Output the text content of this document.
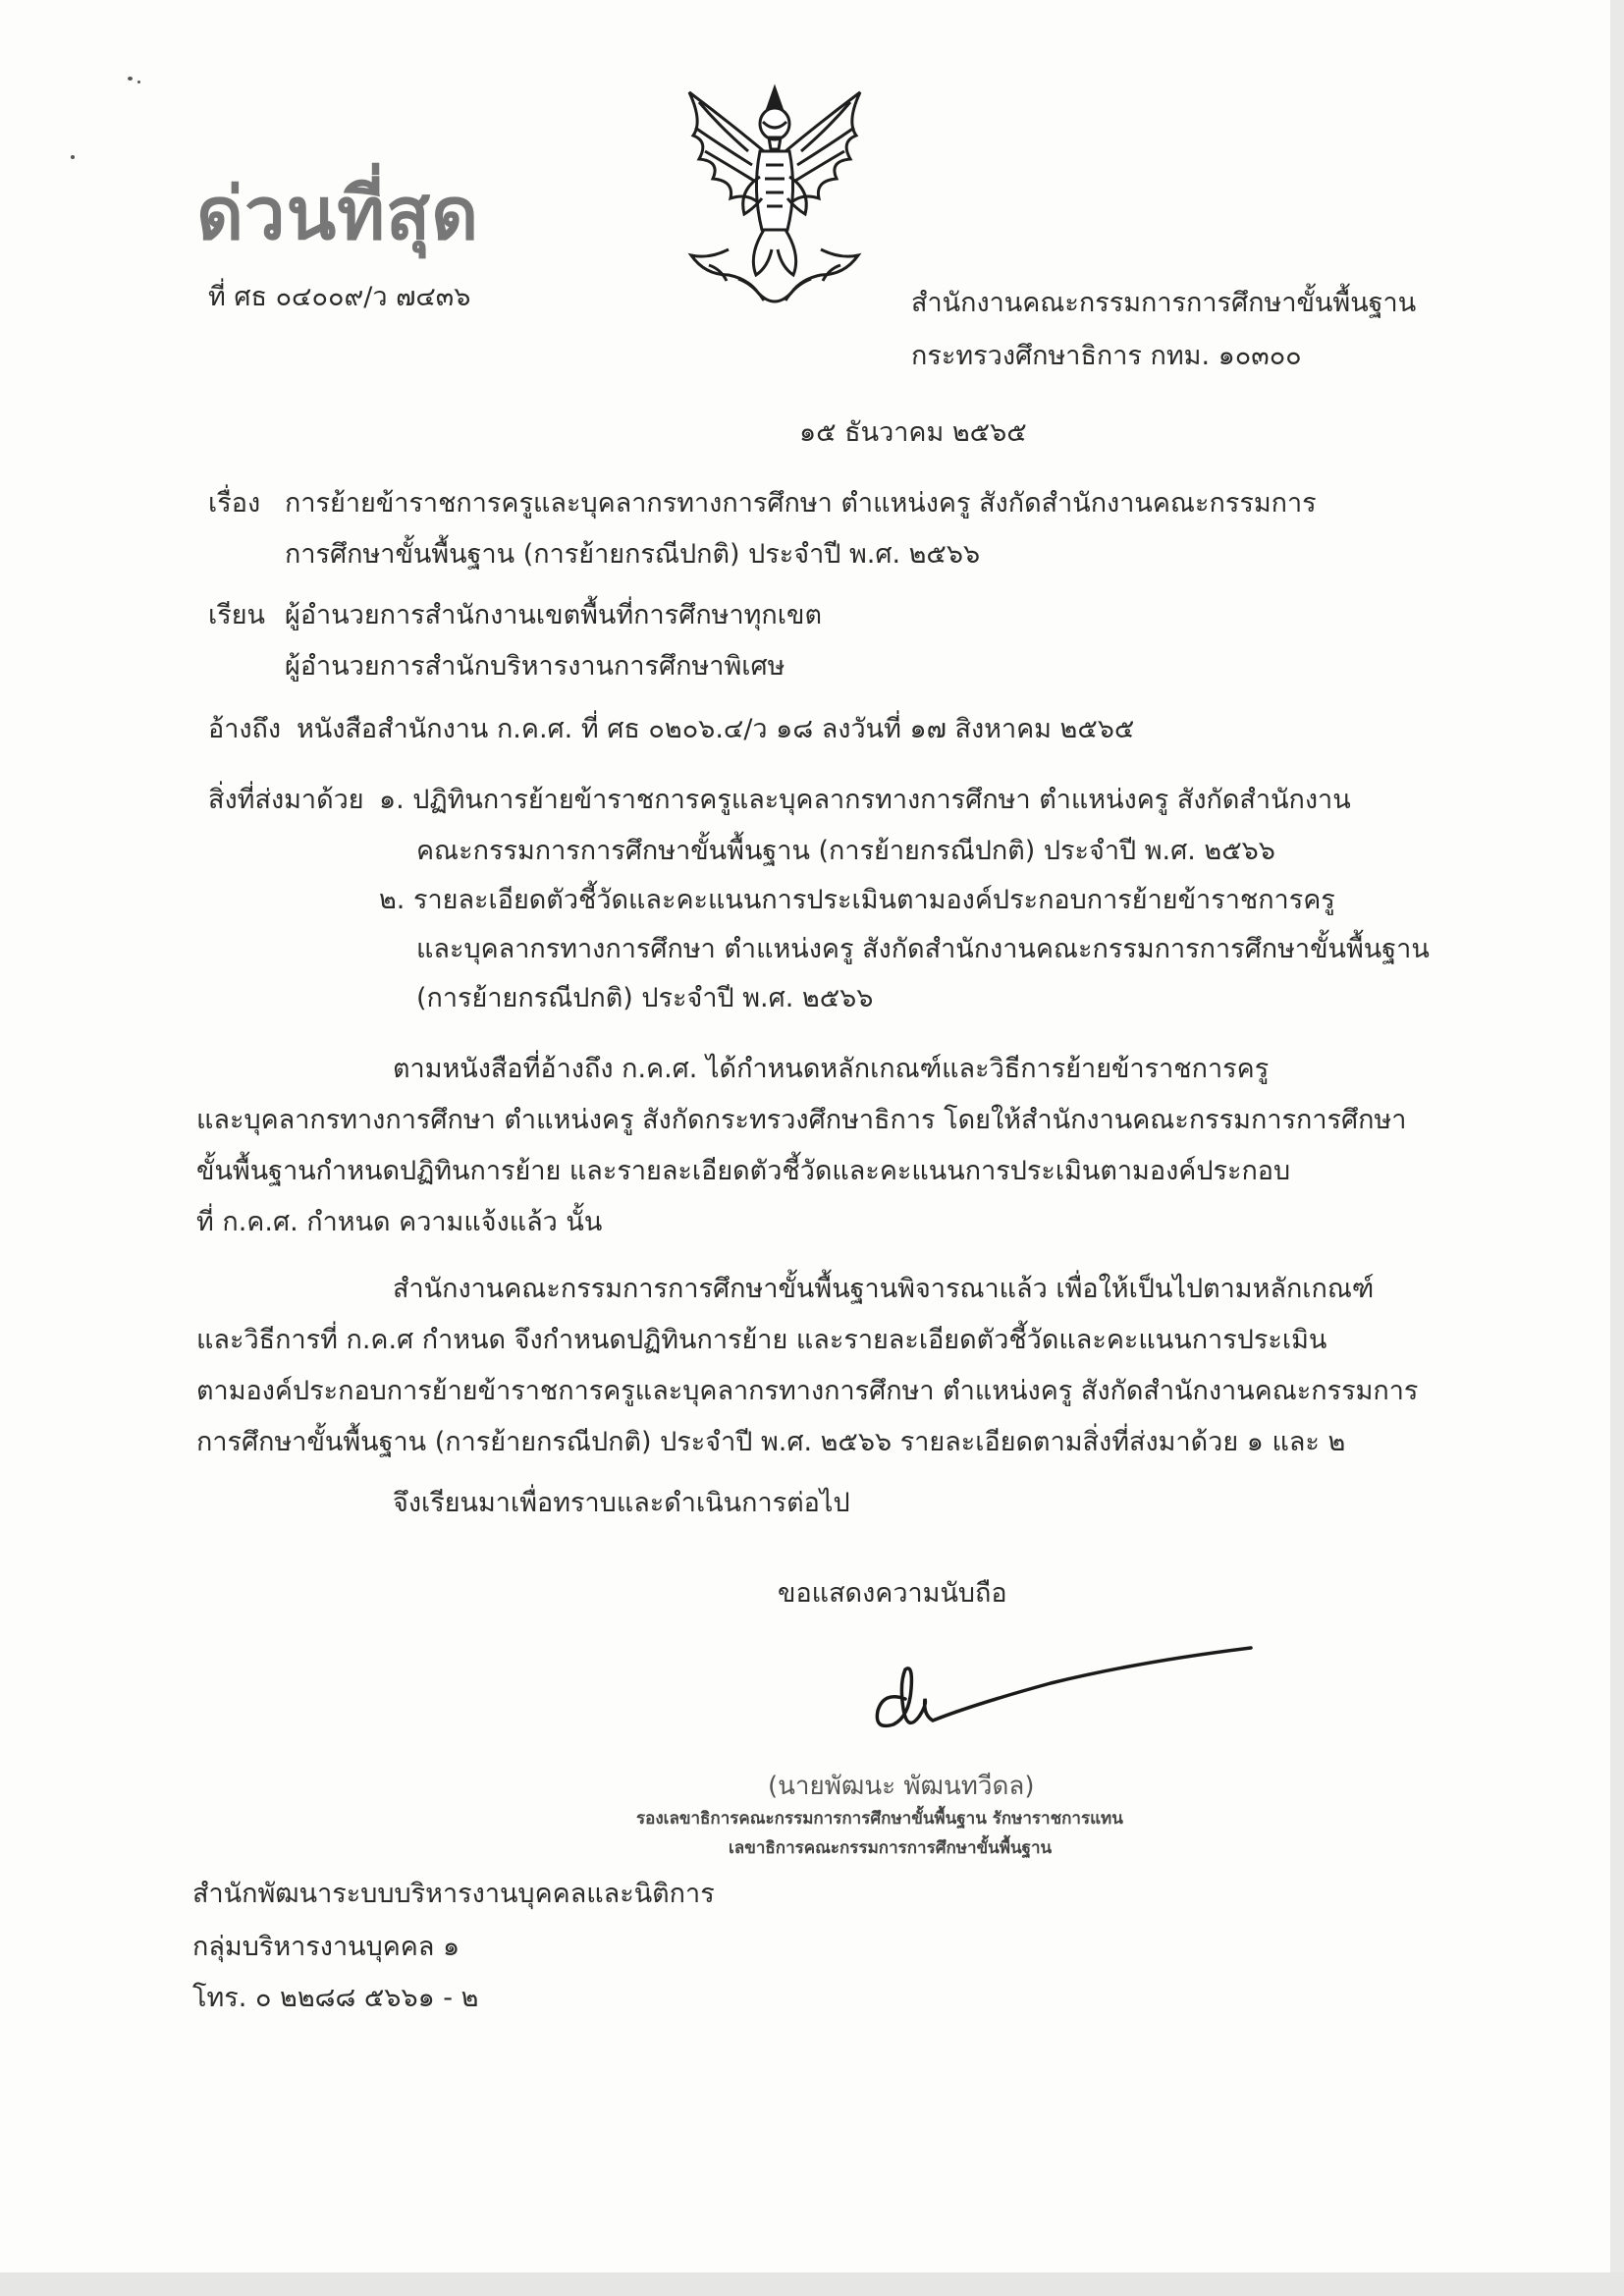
ด่วนที่สุด
ที่ ศธ ๐๔๐๐๙/ว ๗๔๓๖	สำนักงานคณะกรรมการการศึกษาขั้นพื้นฐาน
กระทรวงศึกษาธิการ กทม. ๑๐๓๐๐
๑๕ ธันวาคม ๒๕๖๕
เรื่อง การย้ายข้าราชการครูและบุคลากรทางการศึกษา ตำแหน่งครู สังกัดสำนักงานคณะกรรมการ
การศึกษาขั้นพื้นฐาน (การย้ายกรณีปกติ) ประจำปี พ.ศ. ๒๕๖๖
เรียน ผู้อำนวยการสำนักงานเขตพื้นที่การศึกษาทุกเขต
ผู้อำนวยการสำนักบริหารงานการศึกษาพิเศษ
อ้างถึง หนังสือสำนักงาน ก.ค.ศ. ที่ ศธ ๐๒๐๖.๔/ว ๑๘ ลงวันที่ ๑๗ สิงหาคม ๒๕๖๕
สิ่งที่ส่งมาด้วย ๑. ปฏิทินการย้ายข้าราชการครูและบุคลากรทางการศึกษา ตำแหน่งครู สังกัดสำนักงาน
คณะกรรมการการศึกษาขั้นพื้นฐาน (การย้ายกรณีปกติ) ประจำปี พ.ศ. ๒๕๖๖
๒. รายละเอียดตัวชี้วัดและคะแนนการประเมินตามองค์ประกอบการย้ายข้าราชการครู
และบุคลากรทางการศึกษา ตำแหน่งครู สังกัดสำนักงานคณะกรรมการการศึกษาขั้นพื้นฐาน
(การย้ายกรณีปกติ) ประจำปี พ.ศ. ๒๕๖๖
ตามหนังสือที่อ้างถึง ก.ค.ศ. ได้กำหนดหลักเกณฑ์และวิธีการย้ายข้าราชการครู
และบุคลากรทางการศึกษา ตำแหน่งครู สังกัดกระทรวงศึกษาธิการ โดยให้สำนักงานคณะกรรมการการศึกษา
ขั้นพื้นฐานกำหนดปฏิทินการย้าย และรายละเอียดตัวชี้วัดและคะแนนการประเมินตามองค์ประกอบ
ที่ ก.ค.ศ. กำหนด ความแจ้งแล้ว นั้น
สำนักงานคณะกรรมการการศึกษาขั้นพื้นฐานพิจารณาแล้ว เพื่อให้เป็นไปตามหลักเกณฑ์
และวิธีการที่ ก.ค.ศ กำหนด จึงกำหนดปฏิทินการย้าย และรายละเอียดตัวชี้วัดและคะแนนการประเมิน
ตามองค์ประกอบการย้ายข้าราชการครูและบุคลากรทางการศึกษา ตำแหน่งครู สังกัดสำนักงานคณะกรรมการ
การศึกษาขั้นพื้นฐาน (การย้ายกรณีปกติ) ประจำปี พ.ศ. ๒๕๖๖ รายละเอียดตามสิ่งที่ส่งมาด้วย ๑ และ ๒
จึงเรียนมาเพื่อทราบและดำเนินการต่อไป
ขอแสดงความนับถือ
(นายพัฒนะ พัฒนทวีดล)
รองเลขาธิการคณะกรรมการการศึกษาขั้นพื้นฐาน รักษาราชการแทน
เลขาธิการคณะกรรมการการศึกษาขั้นพื้นฐาน
สำนักพัฒนาระบบบริหารงานบุคคลและนิติการ
กลุ่มบริหารงานบุคคล ๑
โทร. ๐ ๒๒๘๘ ๕๖๖๑ - ๒
